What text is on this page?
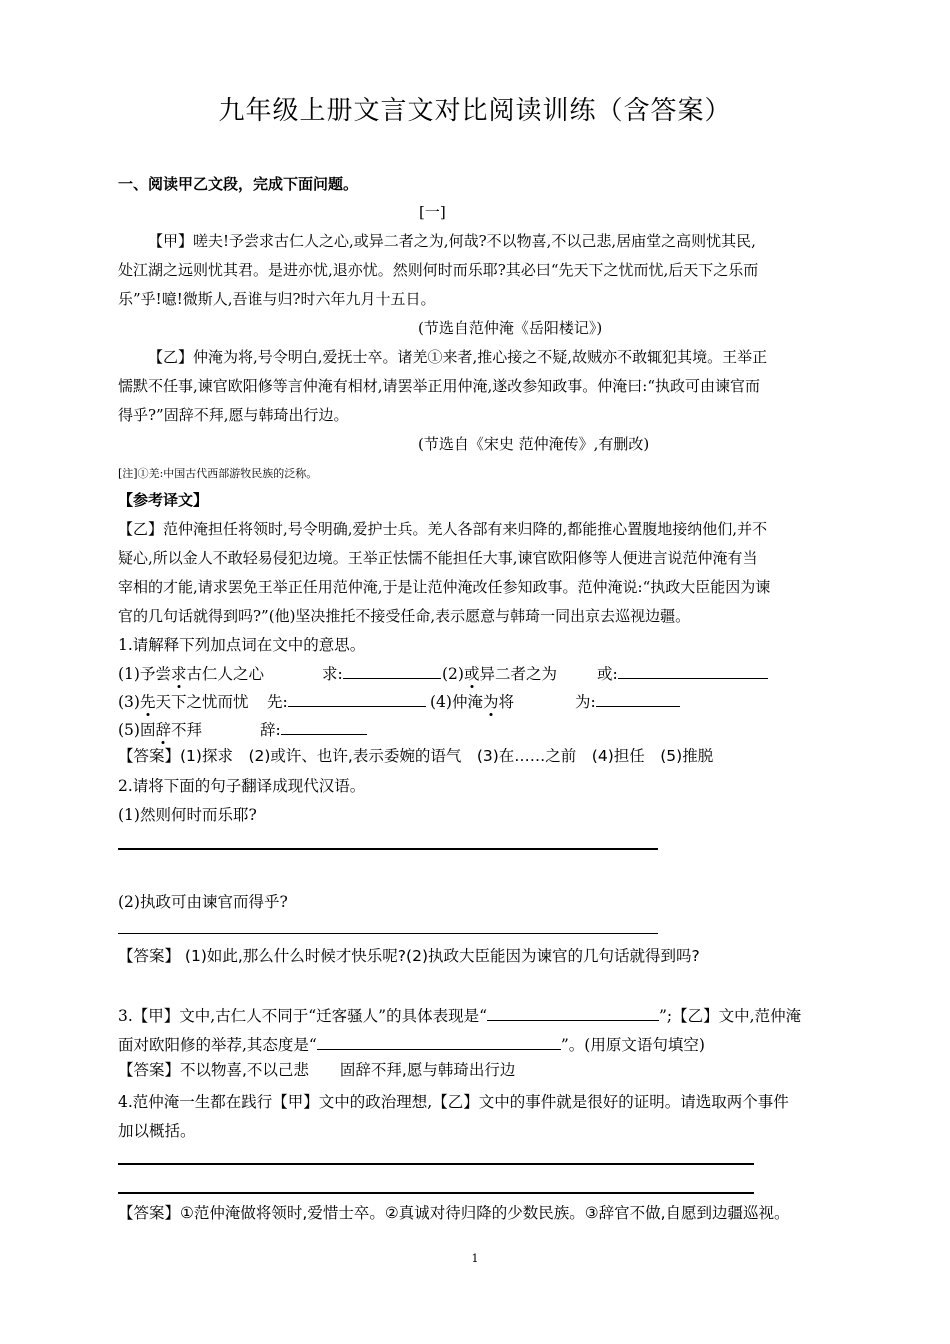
九年级上册文言文对比阅读训练（含答案）
一、阅读甲乙文段，完成下面问题。
[一]
【甲】嗟夫!予尝求古仁人之心,或异二者之为,何哉?不以物喜,不以己悲,居庙堂之高则忧其民,
处江湖之远则忧其君。是进亦忧,退亦忧。然则何时而乐耶?其必曰“先天下之忧而忧,后天下之乐而
乐”乎!噫!微斯人,吾谁与归?时六年九月十五日。
(节选自范仲淹《岳阳楼记》)
【乙】仲淹为将,号令明白,爱抚士卒。诸羌①来者,推心接之不疑,故贼亦不敢辄犯其境。王举正
懦默不任事,谏官欧阳修等言仲淹有相材,请罢举正用仲淹,遂改参知政事。仲淹曰:“执政可由谏官而
得乎?”固辞不拜,愿与韩琦出行边。
(节选自《宋史 范仲淹传》,有删改)
[注]①羌:中国古代西部游牧民族的泛称。
【参考译文】
【乙】范仲淹担任将领时,号令明确,爱护士兵。羌人各部有来归降的,都能推心置腹地接纳他们,并不
疑心,所以金人不敢轻易侵犯边境。王举正怯懦不能担任大事,谏官欧阳修等人便进言说范仲淹有当
宰相的才能,请求罢免王举正任用范仲淹,于是让范仲淹改任参知政事。范仲淹说:“执政大臣能因为谏
官的几句话就得到吗?”(他)坚决推托不接受任命,表示愿意与韩琦一同出京去巡视边疆。
1.请解释下列加点词在文中的意思。
(1)予尝求古仁人之心	求:	(2)或异二者之为	或:
(3)先天下之忧而忧 先:	(4)仲淹为将	为:
(5)固辞不拜	辞:
【答案】(1)探求　(2)或许、也许,表示委婉的语气　(3)在……之前　(4)担任　(5)推脱
2.请将下面的句子翻译成现代汉语。
(1)然则何时而乐耶?
(2)执政可由谏官而得乎?
【答案】 (1)如此,那么什么时候才快乐呢?(2)执政大臣能因为谏官的几句话就得到吗?
3.【甲】文中,古仁人不同于“迁客骚人”的具体表现是“	”;【乙】文中,范仲淹
面对欧阳修的举荐,其态度是“	”。(用原文语句填空)
【答案】不以物喜,不以己悲　　固辞不拜,愿与韩琦出行边
4.范仲淹一生都在践行【甲】文中的政治理想,【乙】文中的事件就是很好的证明。请选取两个事件
加以概括。
【答案】①范仲淹做将领时,爱惜士卒。②真诚对待归降的少数民族。③辞官不做,自愿到边疆巡视。
1
